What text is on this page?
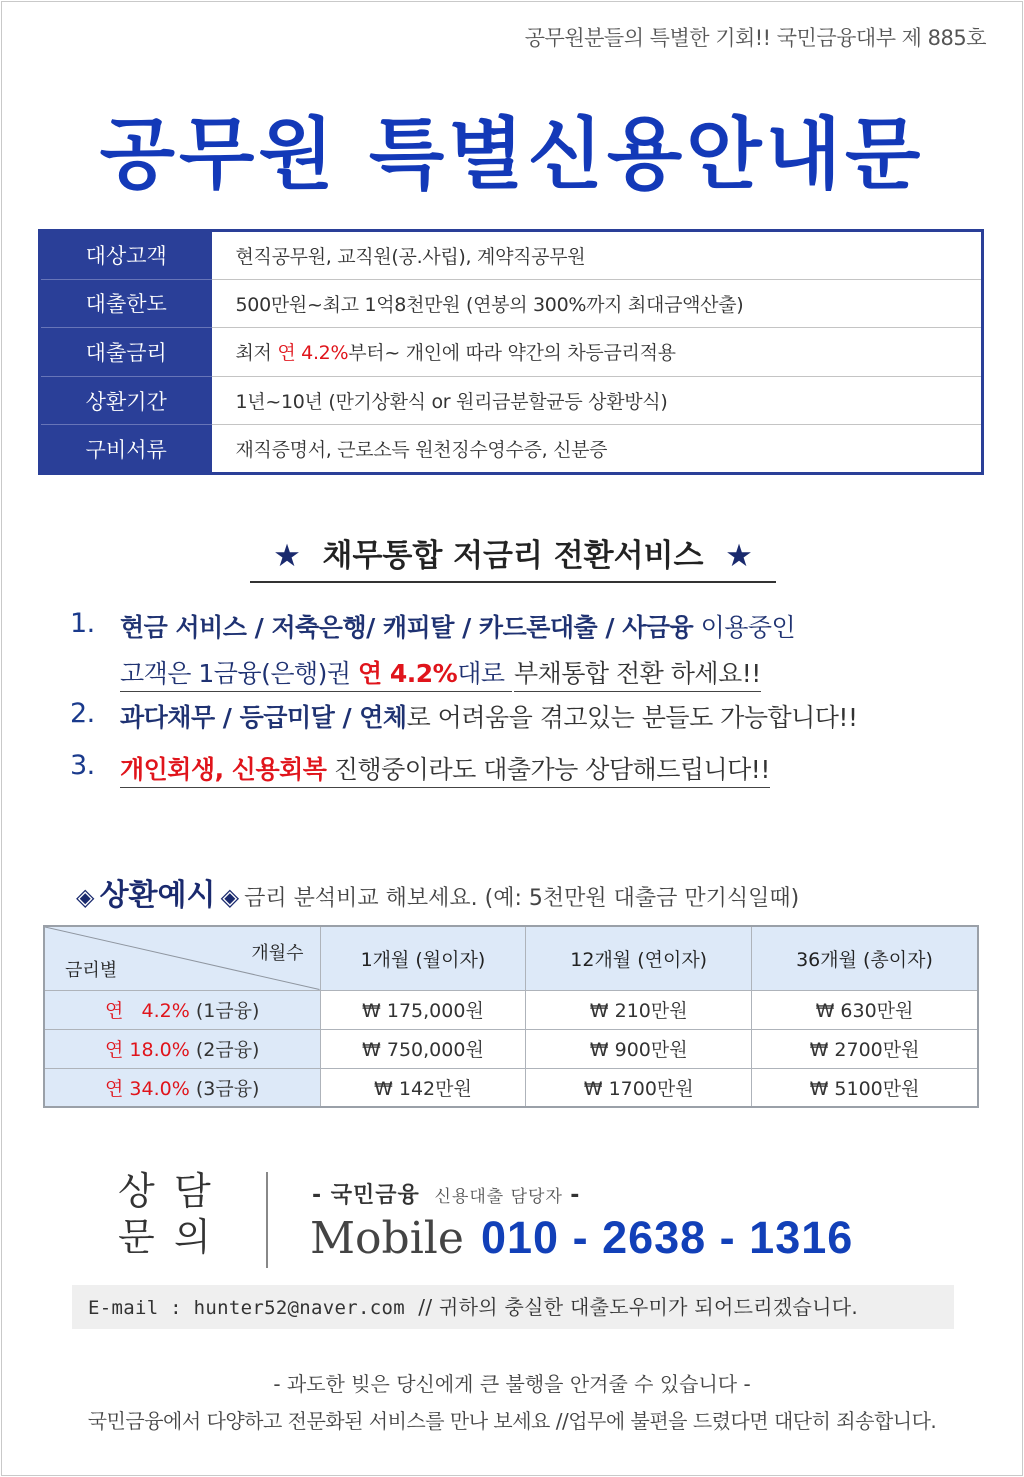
공무원분들의 특별한 기회!! 국민금융대부 제 885호
공무원 특별신용안내문
대상고객	현직공무원, 교직원(공.사립), 계약직공무원
대출한도	500만원~최고 1억8천만원 (연봉의 300%까지 최대금액산출)
대출금리	최저 연 4.2%부터~ 개인에 따라 약간의 차등금리적용
상환기간	1년~10년 (만기상환식 or 원리금분할균등 상환방식)
구비서류	재직증명서, 근로소득 원천징수영수증, 신분증
★ 채무통합 저금리 전환서비스 ★
1. 현금 서비스 / 저축은행/ 캐피탈 / 카드론대출 / 사금융 이용중인
고객은 1금융(은행)권 연 4.2%대로 부채통합 전환 하세요!!
2. 과다채무 / 등급미달 / 연체로 어려움을 겪고있는 분들도 가능합니다!!
3. 개인회생, 신용회복 진행중이라도 대출가능 상담해드립니다!!
◈ 상환예시 ◈ 금리 분석비교 해보세요. (예: 5천만원 대출금 만기식일때)
개월수
금리별	1개월 (월이자)	12개월 (연이자)	36개월 (총이자)
연   4.2% (1금융)	₩ 175,000원	₩ 210만원	₩ 630만원
연 18.0% (2금융)	₩ 750,000원	₩ 900만원	₩ 2700만원
연 34.0% (3금융)	₩ 142만원	₩ 1700만원	₩ 5100만원
상 담
문 의
- 국민금융 신용대출 담당자 -
Mobile 010 - 2638 - 1316
E-mail : hunter52@naver.com // 귀하의 충실한 대출도우미가 되어드리겠습니다.
- 과도한 빚은 당신에게 큰 불행을 안겨줄 수 있습니다 -
국민금융에서 다양하고 전문화된 서비스를 만나 보세요 //업무에 불편을 드렸다면 대단히 죄송합니다.
